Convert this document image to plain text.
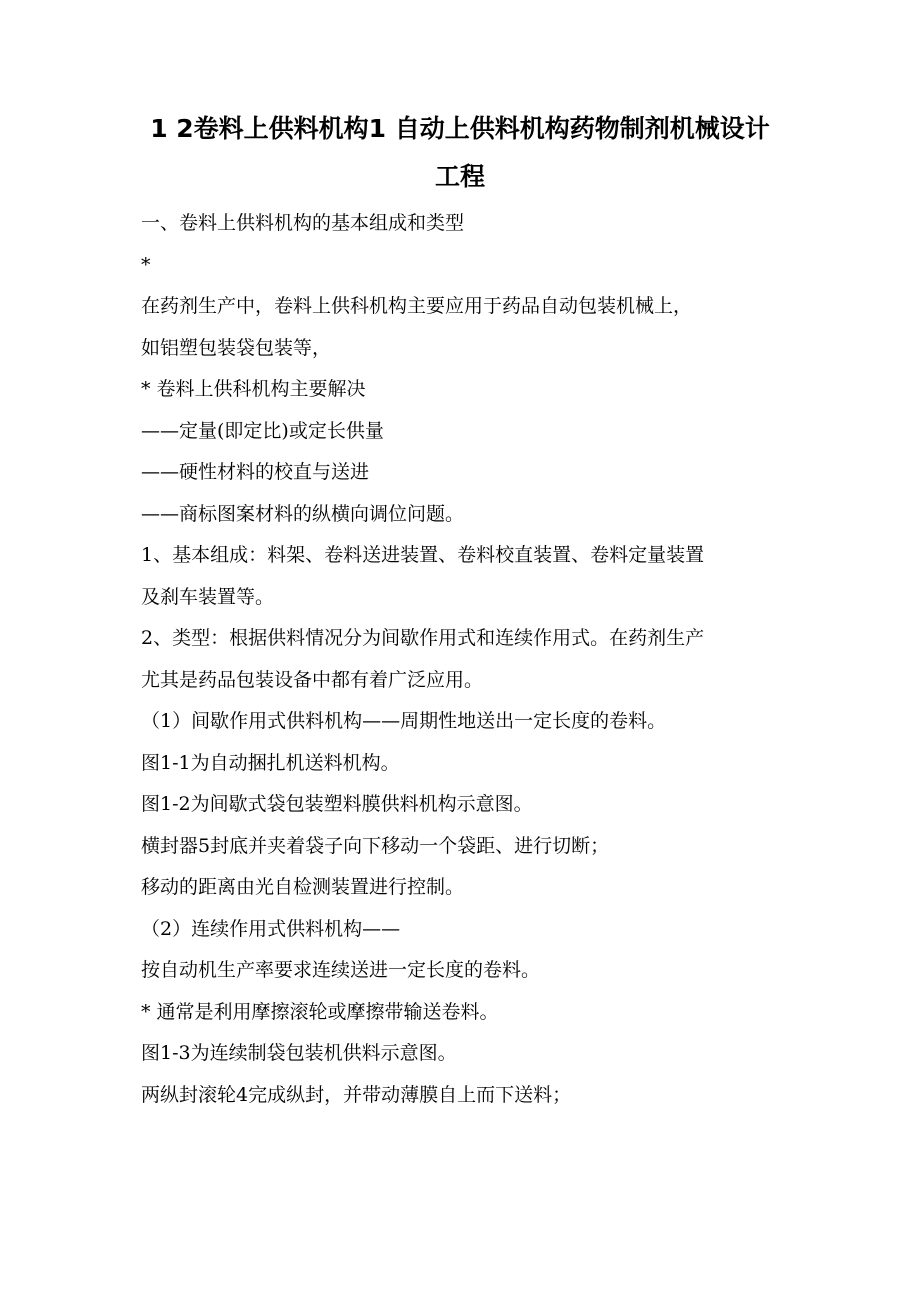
1 2卷料上供料机构1 自动上供料机构药物制剂机械设计
工程
一、卷料上供料机构的基本组成和类型
*
在药剂生产中，卷料上供科机构主要应用于药品自动包装机械上，
如铝塑包装袋包装等，
* 卷料上供科机构主要解决
——定量(即定比)或定长供量
——硬性材料的校直与送进
——商标图案材料的纵横向调位问题。
1、基本组成：料架、卷料送进装置、卷料校直装置、卷料定量装置
及刹车装置等。
2、类型：根据供料情况分为间歇作用式和连续作用式。在药剂生产
尤其是药品包装设备中都有着广泛应用。
（1）间歇作用式供料机构——周期性地送出一定长度的卷料。
图1-1为自动捆扎机送料机构。
图1-2为间歇式袋包装塑料膜供料机构示意图。
横封器5封底并夹着袋子向下移动一个袋距、进行切断；
移动的距离由光自检测装置进行控制。
（2）连续作用式供料机构——
按自动机生产率要求连续送进一定长度的卷料。
* 通常是利用摩擦滚轮或摩擦带输送卷料。
图1-3为连续制袋包装机供料示意图。
两纵封滚轮4完成纵封，并带动薄膜自上而下送料；
